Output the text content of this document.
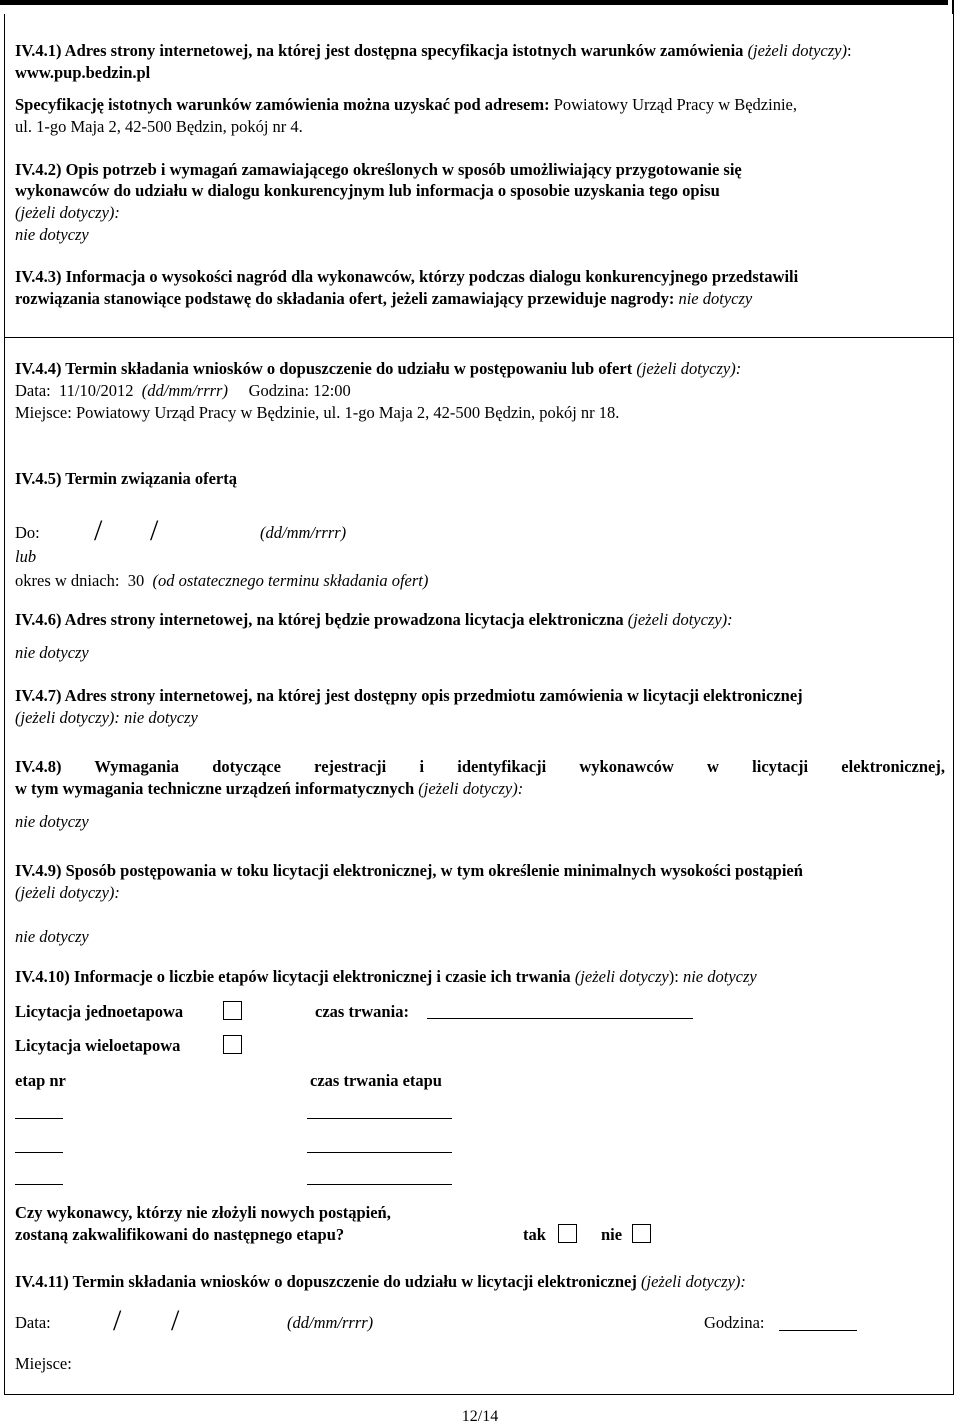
IV.4.1) Adres strony internetowej, na której jest dostępna specyfikacja istotnych warunków zamówienia (jeżeli dotyczy): www.pup.bedzin.pl
Specyfikację istotnych warunków zamówienia można uzyskać pod adresem: Powiatowy Urząd Pracy w Będzinie,
ul. 1-go Maja 2, 42-500 Będzin, pokój nr 4.
IV.4.2) Opis potrzeb i wymagań zamawiającego określonych w sposób umożliwiający przygotowanie się
wykonawców do udziału w dialogu konkurencyjnym lub informacja o sposobie uzyskania tego opisu
(jeżeli dotyczy):
nie dotyczy
IV.4.3) Informacja o wysokości nagród dla wykonawców, którzy podczas dialogu konkurencyjnego przedstawili
rozwiązania stanowiące podstawę do składania ofert, jeżeli zamawiający przewiduje nagrody: nie dotyczy
IV.4.4) Termin składania wniosków o dopuszczenie do udziału w postępowaniu lub ofert (jeżeli dotyczy):
Data: 11/10/2012 (dd/mm/rrrr) Godzina: 12:00
Miejsce: Powiatowy Urząd Pracy w Będzinie, ul. 1-go Maja 2, 42-500 Będzin, pokój nr 18.
IV.4.5) Termin związania ofertą
Do: / /	(dd/mm/rrrr)
lub
okres w dniach: 30 (od ostatecznego terminu składania ofert)
IV.4.6) Adres strony internetowej, na której będzie prowadzona licytacja elektroniczna (jeżeli dotyczy):
nie dotyczy
IV.4.7) Adres strony internetowej, na której jest dostępny opis przedmiotu zamówienia w licytacji elektronicznej
(jeżeli dotyczy): nie dotyczy
IV.4.8) Wymagania dotyczące rejestracji i identyfikacji wykonawców w licytacji elektronicznej,
w tym wymagania techniczne urządzeń informatycznych (jeżeli dotyczy):
nie dotyczy
IV.4.9) Sposób postępowania w toku licytacji elektronicznej, w tym określenie minimalnych wysokości postąpień
(jeżeli dotyczy):
nie dotyczy
IV.4.10) Informacje o liczbie etapów licytacji elektronicznej i czasie ich trwania (jeżeli dotyczy): nie dotyczy
Licytacja jednoetapowa	czas trwania:
Licytacja wieloetapowa
etap nr	czas trwania etapu
Czy wykonawcy, którzy nie złożyli nowych postąpień,
zostaną zakwalifikowani do następnego etapu?	tak	nie
IV.4.11) Termin składania wniosków o dopuszczenie do udziału w licytacji elektronicznej (jeżeli dotyczy):
Data: / /	(dd/mm/rrrr)	Godzina:
Miejsce:
12/14
